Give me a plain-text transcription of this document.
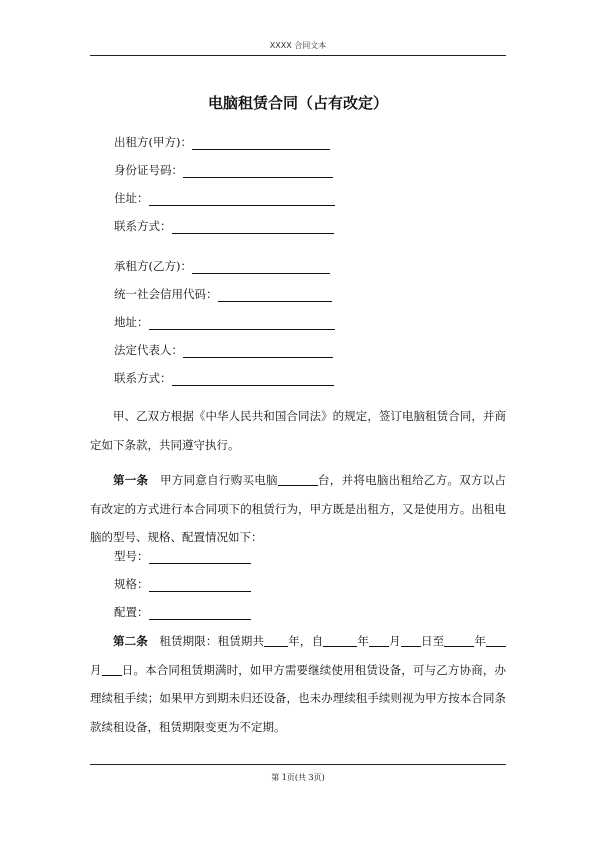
XXXX 合同文本
电脑租赁合同（占有改定）
出租方(甲方)：
身份证号码：
住址：
联系方式：
承租方(乙方)：
统一社会信用代码：
地址：
法定代表人：
联系方式：
甲、乙双方根据《中华人民共和国合同法》的规定，签订电脑租赁合同，并商定如下条款，共同遵守执行。
第一条 甲方同意自行购买电脑	台，并将电脑出租给乙方。双方以占有改定的方式进行本合同项下的租赁行为，甲方既是出租方，又是使用方。出租电脑的型号、规格、配置情况如下：
型号：
规格：
配置：
第二条 租赁期限：租赁期共 年，自	年 月 日至	年月 日。本合同租赁期满时，如甲方需要继续使用租赁设备，可与乙方协商，办理续租手续；如果甲方到期未归还设备，也未办理续租手续则视为甲方按本合同条款续租设备，租赁期限变更为不定期。
第 1页(共 3页)
